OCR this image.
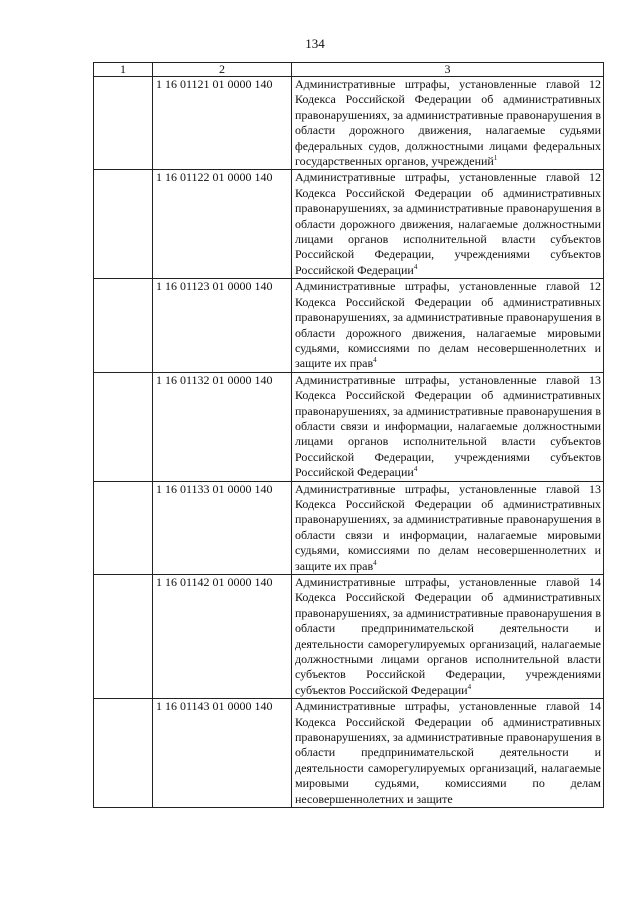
134
1	2	3
	1 16 01121 01 0000 140	Административные штрафы, установленные главой 12 Кодекса Российской Федерации об административных правонарушениях, за административные правонарушения в области дорожного движения, налагаемые судьями федеральных судов, должностными лицами федеральных государственных органов, учреждений$^1$
	1 16 01122 01 0000 140	Административные штрафы, установленные главой 12 Кодекса Российской Федерации об административных правонарушениях, за административные правонарушения в области дорожного движения, налагаемые должностными лицами органов исполнительной власти субъектов Российской Федерации, учреждениями субъектов Российской Федерации$^4$
	1 16 01123 01 0000 140	Административные штрафы, установленные главой 12 Кодекса Российской Федерации об административных правонарушениях, за административные правонарушения в области дорожного движения, налагаемые мировыми судьями, комиссиями по делам несовершеннолетних и защите их прав$^4$
	1 16 01132 01 0000 140	Административные штрафы, установленные главой 13 Кодекса Российской Федерации об административных правонарушениях, за административные правонарушения в области связи и информации, налагаемые должностными лицами органов исполнительной власти субъектов Российской Федерации, учреждениями субъектов Российской Федерации$^4$
	1 16 01133 01 0000 140	Административные штрафы, установленные главой 13 Кодекса Российской Федерации об административных правонарушениях, за административные правонарушения в области связи и информации, налагаемые мировыми судьями, комиссиями по делам несовершеннолетних и защите их прав$^4$
	1 16 01142 01 0000 140	Административные штрафы, установленные главой 14 Кодекса Российской Федерации об административных правонарушениях, за административные правонарушения в области предпринимательской деятельности и деятельности саморегулируемых организаций, налагаемые должностными лицами органов исполнительной власти субъектов Российской Федерации, учреждениями субъектов Российской Федерации$^4$
	1 16 01143 01 0000 140	Административные штрафы, установленные главой 14 Кодекса Российской Федерации об административных правонарушениях, за административные правонарушения в области предпринимательской деятельности и деятельности саморегулируемых организаций, налагаемые мировыми судьями, комиссиями по делам несовершеннолетних и защите
